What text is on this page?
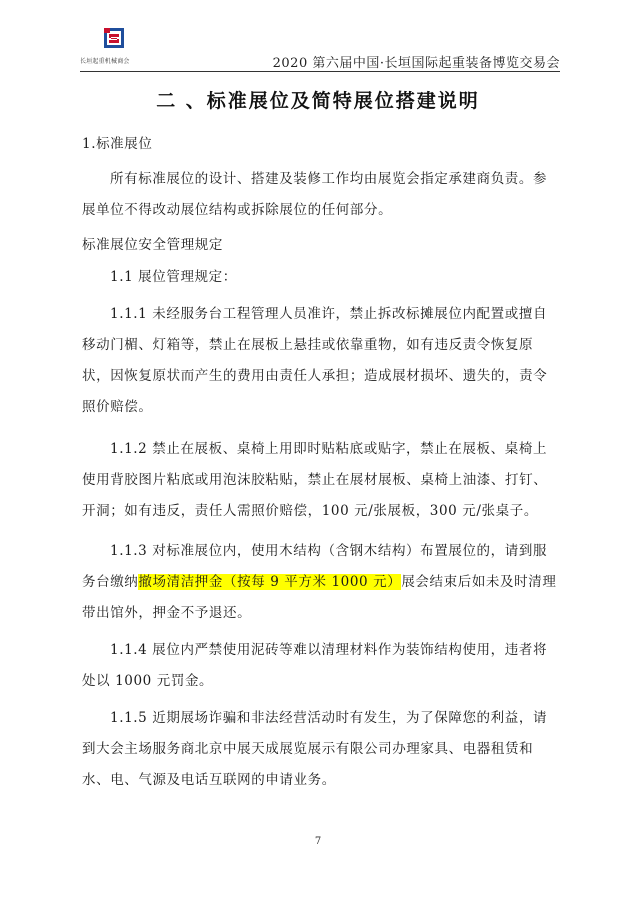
长垣起重机械商会	2020 第六届中国·长垣国际起重装备博览交易会
二 、标准展位及简特展位搭建说明
1.标准展位
所有标准展位的设计、搭建及装修工作均由展览会指定承建商负责。参展单位不得改动展位结构或拆除展位的任何部分。
标准展位安全管理规定
1.1 展位管理规定：
1.1.1 未经服务台工程管理人员准许，禁止拆改标摊展位内配置或擅自移动门楣、灯箱等，禁止在展板上悬挂或依靠重物，如有违反责令恢复原状，因恢复原状而产生的费用由责任人承担；造成展材损坏、遗失的，责令照价赔偿。
1.1.2 禁止在展板、桌椅上用即时贴粘底或贴字，禁止在展板、桌椅上使用背胶图片粘底或用泡沫胶粘贴，禁止在展材展板、桌椅上油漆、打钉、开洞；如有违反，责任人需照价赔偿，100 元/张展板，300 元/张桌子。
1.1.3 对标准展位内，使用木结构（含钢木结构）布置展位的，请到服务台缴纳撤场清洁押金（按每 9 平方米 1000 元）展会结束后如未及时清理带出馆外，押金不予退还。
1.1.4 展位内严禁使用泥砖等难以清理材料作为装饰结构使用，违者将处以 1000 元罚金。
1.1.5 近期展场诈骗和非法经营活动时有发生，为了保障您的利益，请到大会主场服务商北京中展天成展览展示有限公司办理家具、电器租赁和水、电、气源及电话互联网的申请业务。
7
